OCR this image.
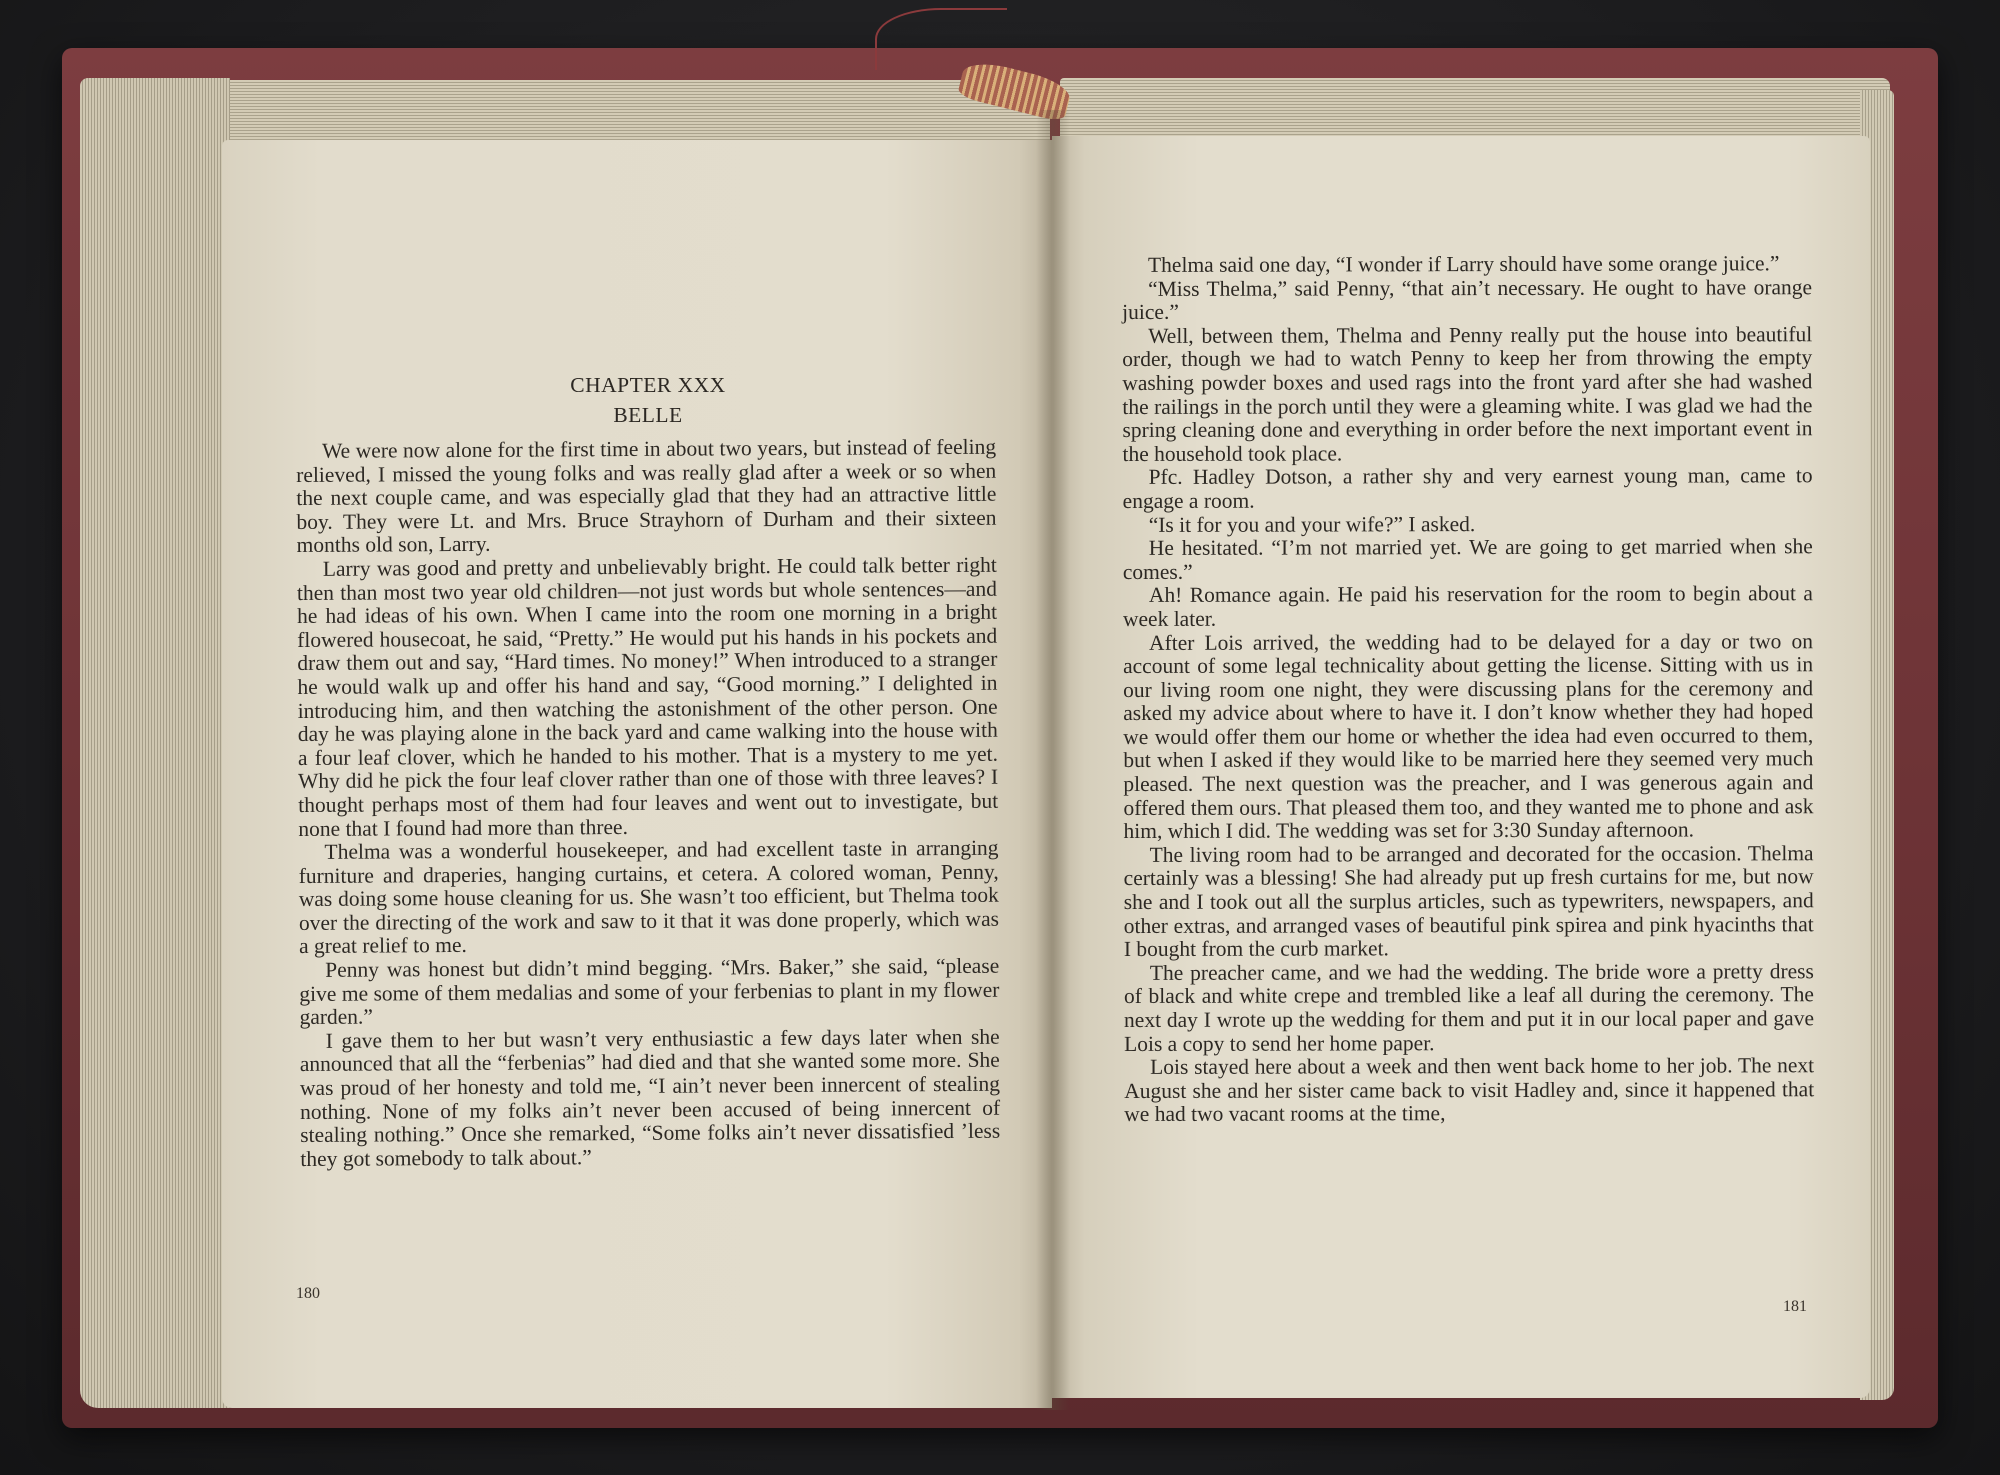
CHAPTER XXX
BELLE

We were now alone for the first time in about two years, but instead of feeling relieved, I missed the young folks and was really glad after a week or so when the next couple came, and was especially glad that they had an attractive little boy. They were Lt. and Mrs. Bruce Strayhorn of Durham and their sixteen months old son, Larry.

Larry was good and pretty and unbelievably bright. He could talk better right then than most two year old children—not just words but whole sentences—and he had ideas of his own. When I came into the room one morning in a bright flowered housecoat, he said, “Pretty.” He would put his hands in his pockets and draw them out and say, “Hard times. No money!” When introduced to a stranger he would walk up and offer his hand and say, “Good morning.” I delighted in introducing him, and then watching the astonishment of the other person. One day he was playing alone in the back yard and came walking into the house with a four leaf clover, which he handed to his mother. That is a mystery to me yet. Why did he pick the four leaf clover rather than one of those with three leaves? I thought perhaps most of them had four leaves and went out to investigate, but none that I found had more than three.

Thelma was a wonderful housekeeper, and had excellent taste in arranging furniture and draperies, hanging curtains, et cetera. A colored woman, Penny, was doing some house cleaning for us. She wasn’t too efficient, but Thelma took over the directing of the work and saw to it that it was done properly, which was a great relief to me.

Penny was honest but didn’t mind begging. “Mrs. Baker,” she said, “please give me some of them medalias and some of your ferbenias to plant in my flower garden.”

I gave them to her but wasn’t very enthusiastic a few days later when she announced that all the “ferbenias” had died and that she wanted some more. She was proud of her honesty and told me, “I ain’t never been innercent of stealing nothing. None of my folks ain’t never been accused of being innercent of stealing nothing.” Once she remarked, “Some folks ain’t never dissatisfied ’less they got somebody to talk about.”

180

Thelma said one day, “I wonder if Larry should have some orange juice.”

“Miss Thelma,” said Penny, “that ain’t necessary. He ought to have orange juice.”

Well, between them, Thelma and Penny really put the house into beautiful order, though we had to watch Penny to keep her from throwing the empty washing powder boxes and used rags into the front yard after she had washed the railings in the porch until they were a gleaming white. I was glad we had the spring cleaning done and everything in order before the next important event in the household took place.

Pfc. Hadley Dotson, a rather shy and very earnest young man, came to engage a room.

“Is it for you and your wife?” I asked.

He hesitated. “I’m not married yet. We are going to get married when she comes.”

Ah! Romance again. He paid his reservation for the room to begin about a week later.

After Lois arrived, the wedding had to be delayed for a day or two on account of some legal technicality about getting the license. Sitting with us in our living room one night, they were discussing plans for the ceremony and asked my advice about where to have it. I don’t know whether they had hoped we would offer them our home or whether the idea had even occurred to them, but when I asked if they would like to be married here they seemed very much pleased. The next question was the preacher, and I was generous again and offered them ours. That pleased them too, and they wanted me to phone and ask him, which I did. The wedding was set for 3:30 Sunday afternoon.

The living room had to be arranged and decorated for the occasion. Thelma certainly was a blessing! She had already put up fresh curtains for me, but now she and I took out all the surplus articles, such as typewriters, newspapers, and other extras, and arranged vases of beautiful pink spirea and pink hyacinths that I bought from the curb market.

The preacher came, and we had the wedding. The bride wore a pretty dress of black and white crepe and trembled like a leaf all during the ceremony. The next day I wrote up the wedding for them and put it in our local paper and gave Lois a copy to send her home paper.

Lois stayed here about a week and then went back home to her job. The next August she and her sister came back to visit Hadley and, since it happened that we had two vacant rooms at the time,

181
